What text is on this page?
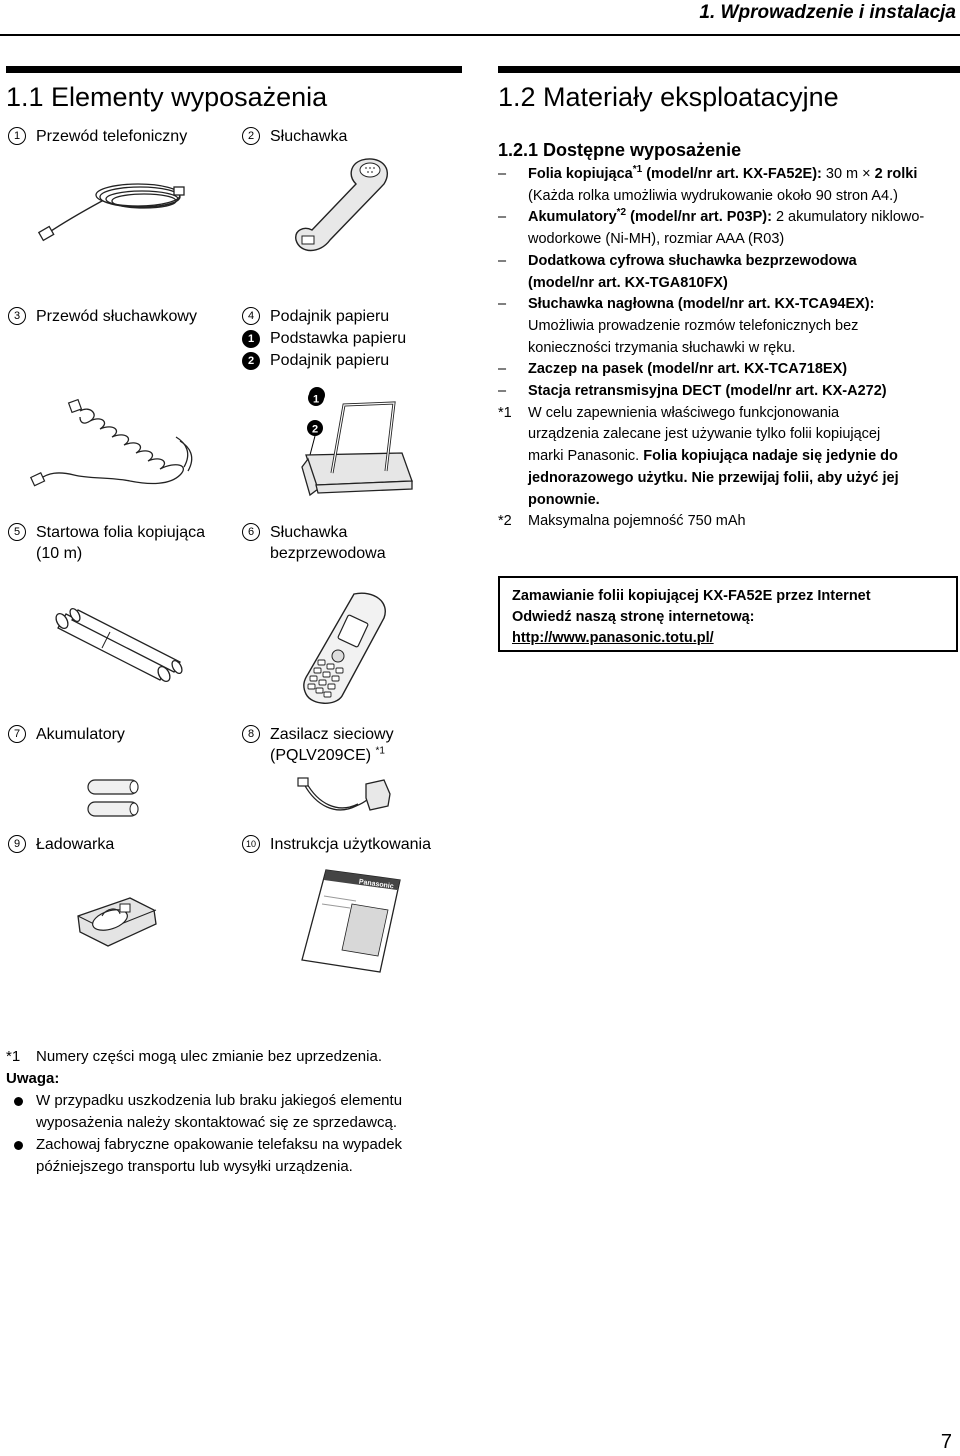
1. Wprowadzenie i instalacja
1.1 Elementy wyposażenia
1 Przewód telefoniczny	2 Słuchawka
3 Przewód słuchawkowy	4 Podajnik papieru
1 Podstawka papieru
2 Podajnik papieru
2
1
5 Startowa folia kopiująca
(10 m)
6 Słuchawka
bezprzewodowa
7 Akumulatory	8 Zasilacz sieciowy
(PQLV209CE) $^{*1}$
9 Ładowarka	10 Instrukcja użytkowania
Panasonic
1.2 Materiały eksploatacyjne
1.2.1 Dostępne wyposażenie
– Folia kopiująca$^{*1}$ (model/nr art. KX-FA52E): 30 m × 2 rolki
(Każda rolka umożliwia wydrukowanie około 90 stron A4.)
– Akumulatory$^{*2}$ (model/nr art. P03P): 2 akumulatory niklowo-
wodorkowe (Ni-MH), rozmiar AAA (R03)
– Dodatkowa cyfrowa słuchawka bezprzewodowa
(model/nr art. KX-TGA810FX)
– Słuchawka nagłowna (model/nr art. KX-TCA94EX):
Umożliwia prowadzenie rozmów telefonicznych bez
konieczności trzymania słuchawki w ręku.
– Zaczep na pasek (model/nr art. KX-TCA718EX)
– Stacja retransmisyjna DECT (model/nr art. KX-A272)
*1 W celu zapewnienia właściwego funkcjonowania
urządzenia zalecane jest używanie tylko folii kopiującej
marki Panasonic. Folia kopiująca nadaje się jedynie do
jednorazowego użytku. Nie przewijaj folii, aby użyć jej
ponownie.
*2 Maksymalna pojemność 750 mAh
Zamawianie folii kopiującej KX-FA52E przez Internet
Odwiedź naszą stronę internetową:
http://www.panasonic.totu.pl/
*1 Numery części mogą ulec zmianie bez uprzedzenia.
Uwaga:
W przypadku uszkodzenia lub braku jakiegoś elementu
wyposażenia należy skontaktować się ze sprzedawcą.
Zachowaj fabryczne opakowanie telefaksu na wypadek
późniejszego transportu lub wysyłki urządzenia.
7
